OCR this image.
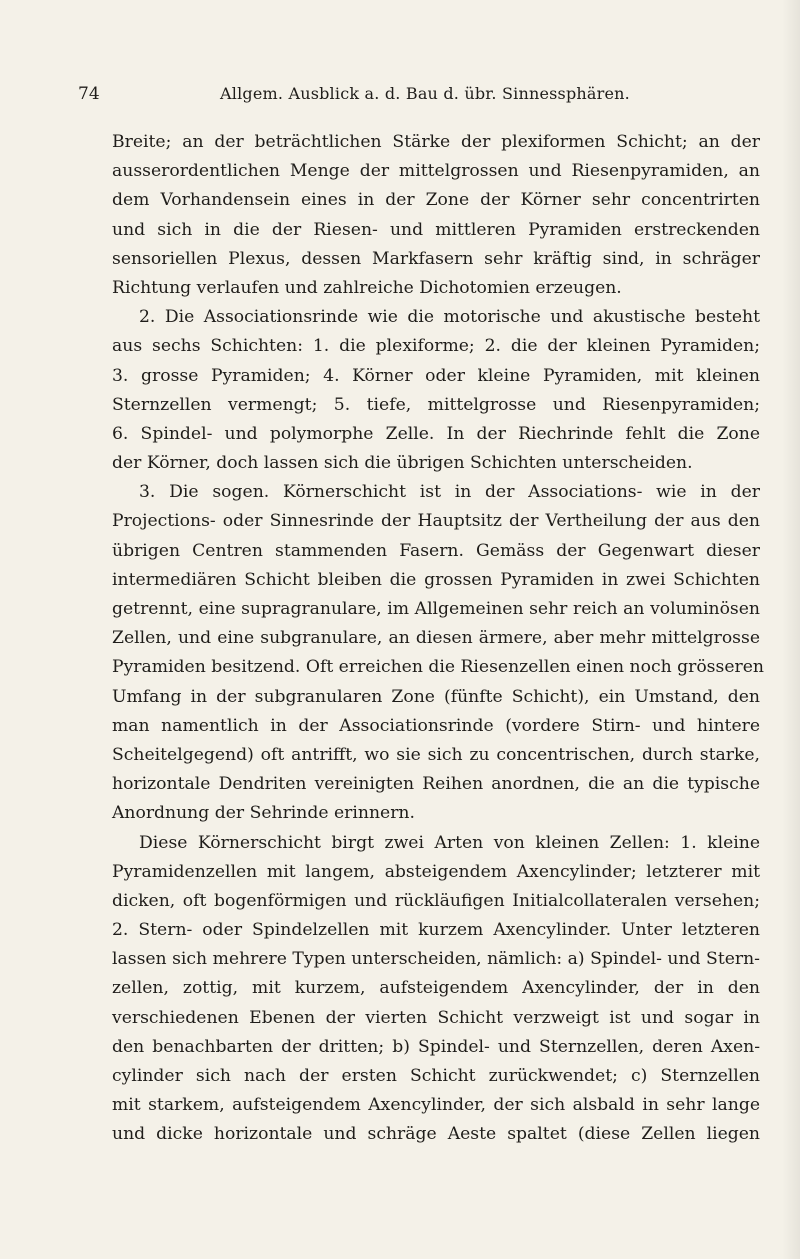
74	Allgem. Ausblick a. d. Bau d. übr. Sinnessphären.
Breite; an der beträchtlichen Stärke der plexiformen Schicht; an der
ausserordentlichen Menge der mittelgrossen und Riesenpyramiden, an
dem Vorhandensein eines in der Zone der Körner sehr concentrirten
und sich in die der Riesen- und mittleren Pyramiden erstreckenden
sensoriellen Plexus, dessen Markfasern sehr kräftig sind, in schräger
Richtung verlaufen und zahlreiche Dichotomien erzeugen.
2. Die Associationsrinde wie die motorische und akustische besteht
aus sechs Schichten: 1. die plexiforme; 2. die der kleinen Pyramiden;
3. grosse Pyramiden; 4. Körner oder kleine Pyramiden, mit kleinen
Sternzellen vermengt; 5. tiefe, mittelgrosse und Riesenpyramiden;
6. Spindel- und polymorphe Zelle. In der Riechrinde fehlt die Zone
der Körner, doch lassen sich die übrigen Schichten unterscheiden.
3. Die sogen. Körnerschicht ist in der Associations- wie in der
Projections- oder Sinnesrinde der Hauptsitz der Vertheilung der aus den
übrigen Centren stammenden Fasern. Gemäss der Gegenwart dieser
intermediären Schicht bleiben die grossen Pyramiden in zwei Schichten
getrennt, eine supragranulare, im Allgemeinen sehr reich an voluminösen
Zellen, und eine subgranulare, an diesen ärmere, aber mehr mittelgrosse
Pyramiden besitzend. Oft erreichen die Riesenzellen einen noch grösseren
Umfang in der subgranularen Zone (fünfte Schicht), ein Umstand, den
man namentlich in der Associationsrinde (vordere Stirn- und hintere
Scheitelgegend) oft antrifft, wo sie sich zu concentrischen, durch starke,
horizontale Dendriten vereinigten Reihen anordnen, die an die typische
Anordnung der Sehrinde erinnern.
Diese Körnerschicht birgt zwei Arten von kleinen Zellen: 1. kleine
Pyramidenzellen mit langem, absteigendem Axencylinder; letzterer mit
dicken, oft bogenförmigen und rückläufigen Initialcollateralen versehen;
2. Stern- oder Spindelzellen mit kurzem Axencylinder. Unter letzteren
lassen sich mehrere Typen unterscheiden, nämlich: a) Spindel- und Stern-
zellen, zottig, mit kurzem, aufsteigendem Axencylinder, der in den
verschiedenen Ebenen der vierten Schicht verzweigt ist und sogar in
den benachbarten der dritten; b) Spindel- und Sternzellen, deren Axen-
cylinder sich nach der ersten Schicht zurückwendet; c) Sternzellen
mit starkem, aufsteigendem Axencylinder, der sich alsbald in sehr lange
und dicke horizontale und schräge Aeste spaltet (diese Zellen liegen
